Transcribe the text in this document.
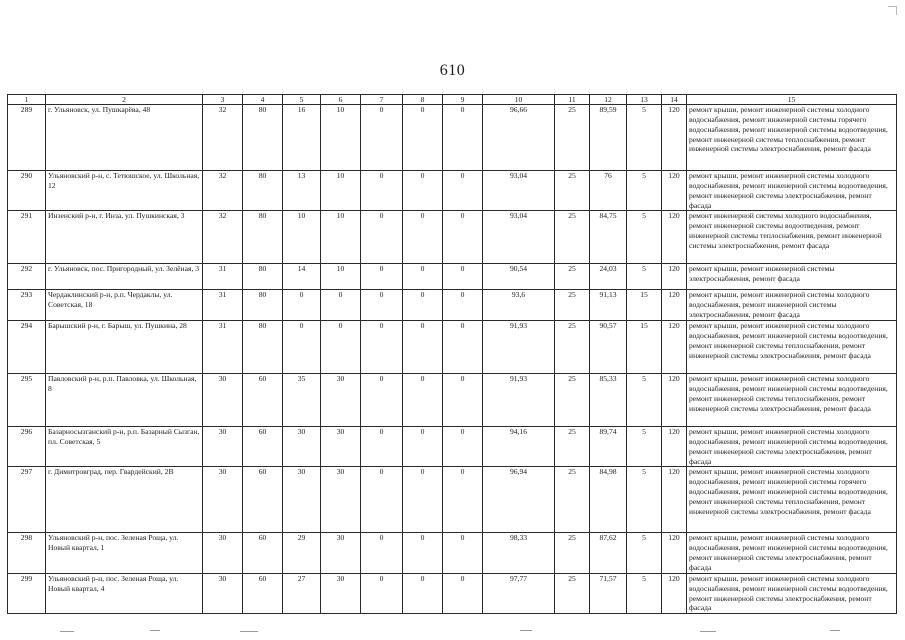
610
1	2	3	4	5	6	7	8	9	10	11	12	13	14	15
289	г. Ульяновск, ул. Пушкарёва, 48	32	80	16	10	0	0	0	96,66	25	89,59	5	120	ремонт крыши, ремонт инженерной системы холодного водоснабжения, ремонт инженерной системы горячего водоснабжения, ремонт инженерной системы водоотведения, ремонт инженерной системы теплоснабжения, ремонт инженерной системы электроснабжения, ремонт фасада
290	Ульяновский р-н, с. Тетюшское, ул. Школьная, 12	32	80	13	10	0	0	0	93,04	25	76	5	120	ремонт крыши, ремонт инженерной системы холодного водоснабжения, ремонт инженерной системы водоотведения, ремонт инженерной системы электроснабжения, ремонт фасада
291	Инзенский р-н, г. Инза, ул. Пушкинская, 3	32	80	10	10	0	0	0	93,04	25	84,75	5	120	ремонт инженерной системы холодного водоснабжения, ремонт инженерной системы водоотведения, ремонт инженерной системы теплоснабжения, ремонт инженерной системы электроснабжения, ремонт фасада
292	г. Ульяновск, пос. Пригородный, ул. Зелёная, 3	31	80	14	10	0	0	0	90,54	25	24,03	5	120	ремонт крыши, ремонт инженерной системы электроснабжения, ремонт фасада
293	Чердаклинский р-н, р.п. Чердаклы, ул. Советская, 18	31	80	0	0	0	0	0	93,6	25	91,13	15	120	ремонт крыши, ремонт инженерной системы холодного водоснабжения, ремонт инженерной системы электроснабжения, ремонт фасада
294	Барышский р-н, г. Барыш, ул. Пушкина, 28	31	80	0	0	0	0	0	91,93	25	90,57	15	120	ремонт крыши, ремонт инженерной системы холодного водоснабжения, ремонт инженерной системы водоотведения, ремонт инженерной системы теплоснабжения, ремонт инженерной системы электроснабжения, ремонт фасада
295	Павловский р-н, р.п. Павловка, ул. Школьная, 8	30	60	35	30	0	0	0	91,93	25	85,33	5	120	ремонт крыши, ремонт инженерной системы холодного водоснабжения, ремонт инженерной системы водоотведения, ремонт инженерной системы теплоснабжения, ремонт инженерной системы электроснабжения, ремонт фасада
296	Базарносызганский р-н, р.п. Базарный Сызган, пл. Советская, 5	30	60	30	30	0	0	0	94,16	25	89,74	5	120	ремонт крыши, ремонт инженерной системы холодного водоснабжения, ремонт инженерной системы водоотведения, ремонт инженерной системы электроснабжения, ремонт фасада
297	г. Димитровград, пер. Гвардейский, 2В	30	60	30	30	0	0	0	96,94	25	84,98	5	120	ремонт крыши, ремонт инженерной системы холодного водоснабжения, ремонт инженерной системы горячего водоснабжения, ремонт инженерной системы водоотведения, ремонт инженерной системы теплоснабжения, ремонт инженерной системы электроснабжения, ремонт фасада
298	Ульяновский р-н, пос. Зеленая Роща, ул. Новый квартал, 1	30	60	29	30	0	0	0	98,33	25	87,62	5	120	ремонт крыши, ремонт инженерной системы холодного водоснабжения, ремонт инженерной системы водоотведения, ремонт инженерной системы электроснабжения, ремонт фасада
299	Ульяновский р-н, пос. Зеленая Роща, ул. Новый квартал, 4	30	60	27	30	0	0	0	97,77	25	71,57	5	120	ремонт крыши, ремонт инженерной системы холодного водоснабжения, ремонт инженерной системы водоотведения, ремонт инженерной системы электроснабжения, ремонт фасада
